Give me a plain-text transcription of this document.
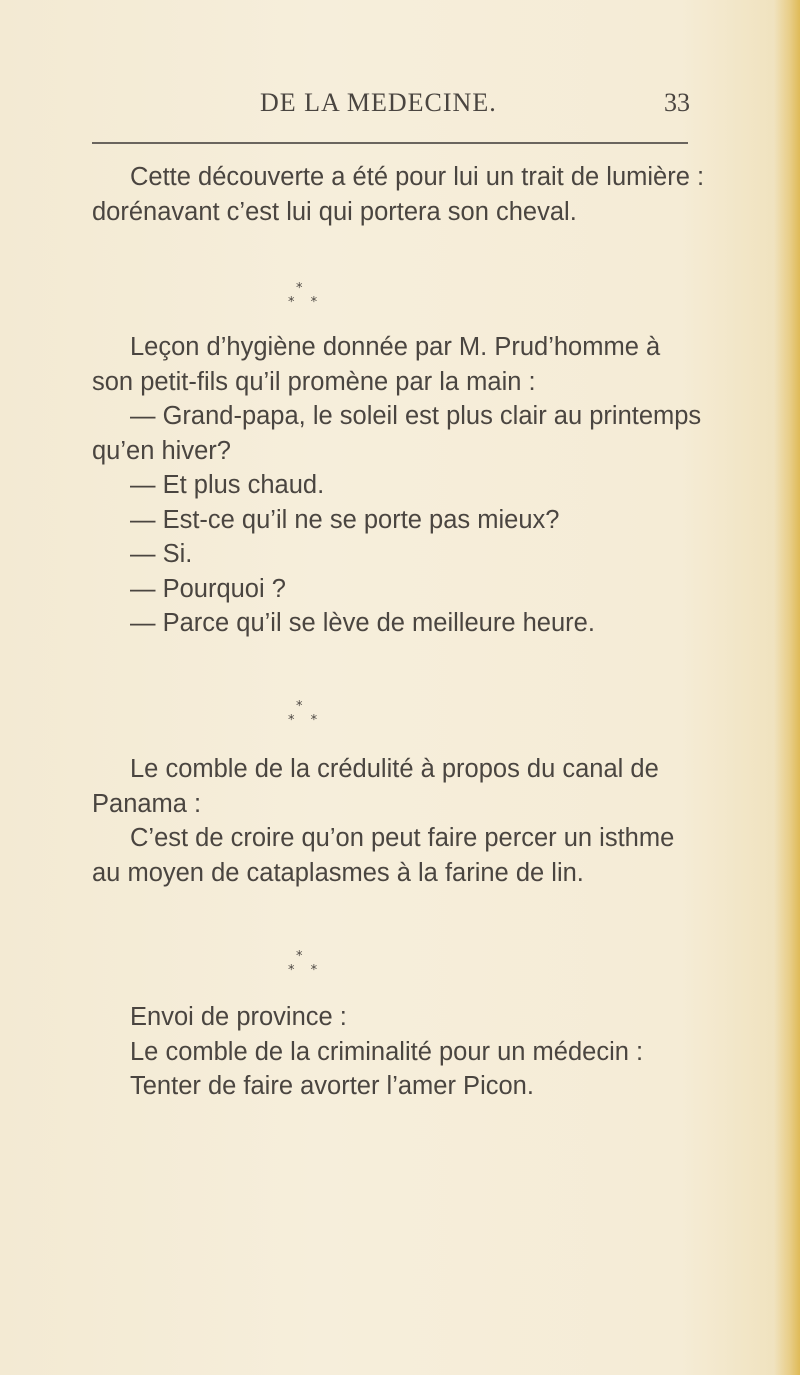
DE LA MEDECINE.	33
Cette découverte a été pour lui un trait de lumière :
dorénavant c’est lui qui portera son cheval.
*
* *
Leçon d’hygiène donnée par M. Prud’homme à
son petit-fils qu’il promène par la main :
— Grand-papa, le soleil est plus clair au printemps
qu’en hiver?
— Et plus chaud.
— Est-ce qu’il ne se porte pas mieux?
— Si.
— Pourquoi ?
— Parce qu’il se lève de meilleure heure.
*
* *
Le comble de la crédulité à propos du canal de
Panama :
C’est de croire qu’on peut faire percer un isthme
au moyen de cataplasmes à la farine de lin.
*
* *
Envoi de province :
Le comble de la criminalité pour un médecin :
Tenter de faire avorter l’amer Picon.
